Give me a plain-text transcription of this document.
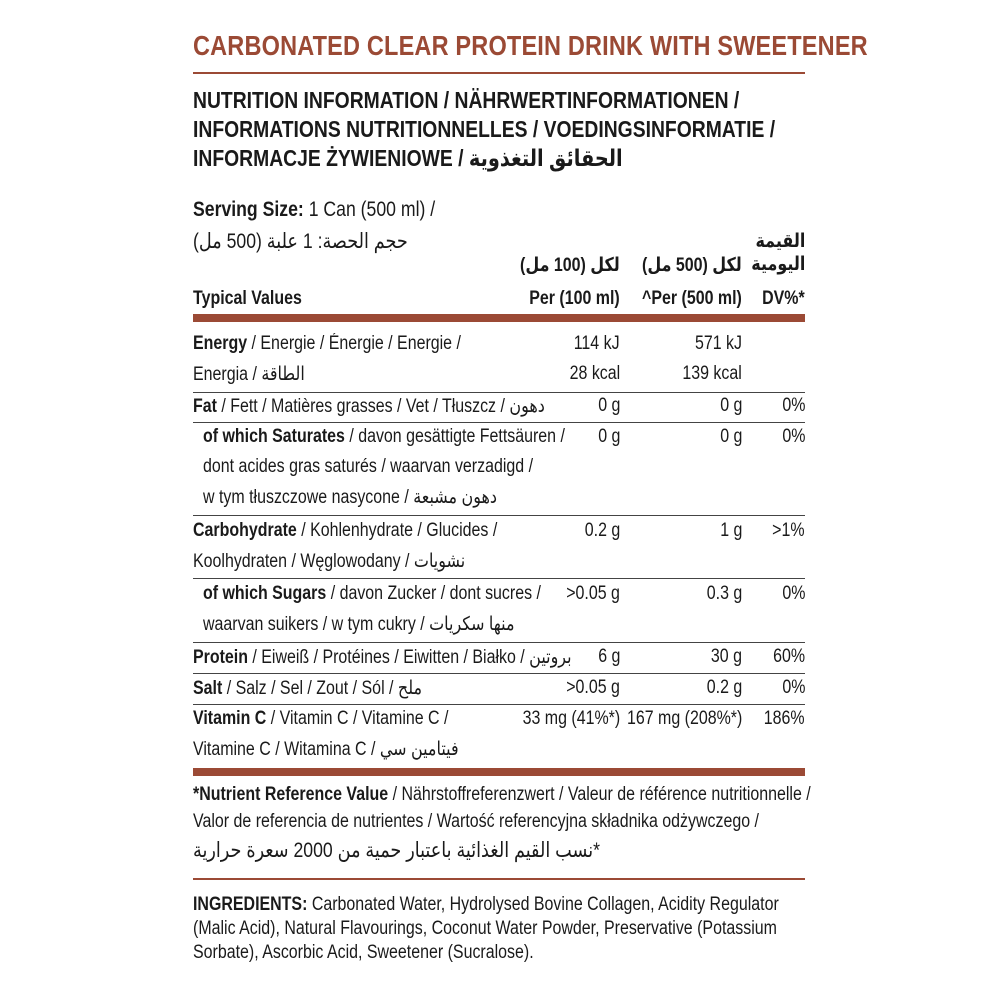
CARBONATED CLEAR PROTEIN DRINK WITH SWEETENER
NUTRITION INFORMATION / NÄHRWERTINFORMATIONEN /
INFORMATIONS NUTRITIONNELLES / VOEDINGSINFORMATIE /
INFORMACJE ŻYWIENIOWE / الحقائق التغذوية
Serving Size: 1 Can (500 ml) /
حجم الحصة: 1 علبة (500 مل)
لكل (100 مل) لكل (500 مل)
القيمة
اليومية
Typical Values	Per (100 ml) ^Per (500 ml) DV%*
Energy / Energie / Énergie / Energie /
Energia / الطاقة
114 kJ	571 kJ
28 kcal	139 kcal
Fat / Fett / Matières grasses / Vet / Tłuszcz / دهون	0 g	0 g 0%
of which Saturates / davon gesättigte Fettsäuren /
dont acides gras saturés / waarvan verzadigd /
w tym tłuszczowe nasycone / دهون مشبعة
0 g	0 g 0%
Carbohydrate / Kohlenhydrate / Glucides /
Koolhydraten / Węglowodany / نشويات
0.2 g	1 g >1%
of which Sugars / davon Zucker / dont sucres /
waarvan suikers / w tym cukry / منها سكريات
>0.05 g	0.3 g 0%
Protein / Eiweiß / Protéines / Eiwitten / Białko / بروتين 6 g	30 g 60%
Salt / Salz / Sel / Zout / Sól / ملح	>0.05 g	0.2 g 0%
Vitamin C / Vitamin C / Vitamine C /
Vitamine C / Witamina C / فيتامين سي
33 mg (41%*) 167 mg (208%*) 186%
*Nutrient Reference Value / Nährstoffreferenzwert / Valeur de référence nutritionnelle /
Valor de referencia de nutrientes / Wartość referencyjna składnika odżywczego /
*نسب القيم الغذائية باعتبار حمية من 2000 سعرة حرارية
INGREDIENTS: Carbonated Water, Hydrolysed Bovine Collagen, Acidity Regulator (Malic Acid), Natural Flavourings, Coconut Water Powder, Preservative (Potassium Sorbate), Ascorbic Acid, Sweetener (Sucralose).
